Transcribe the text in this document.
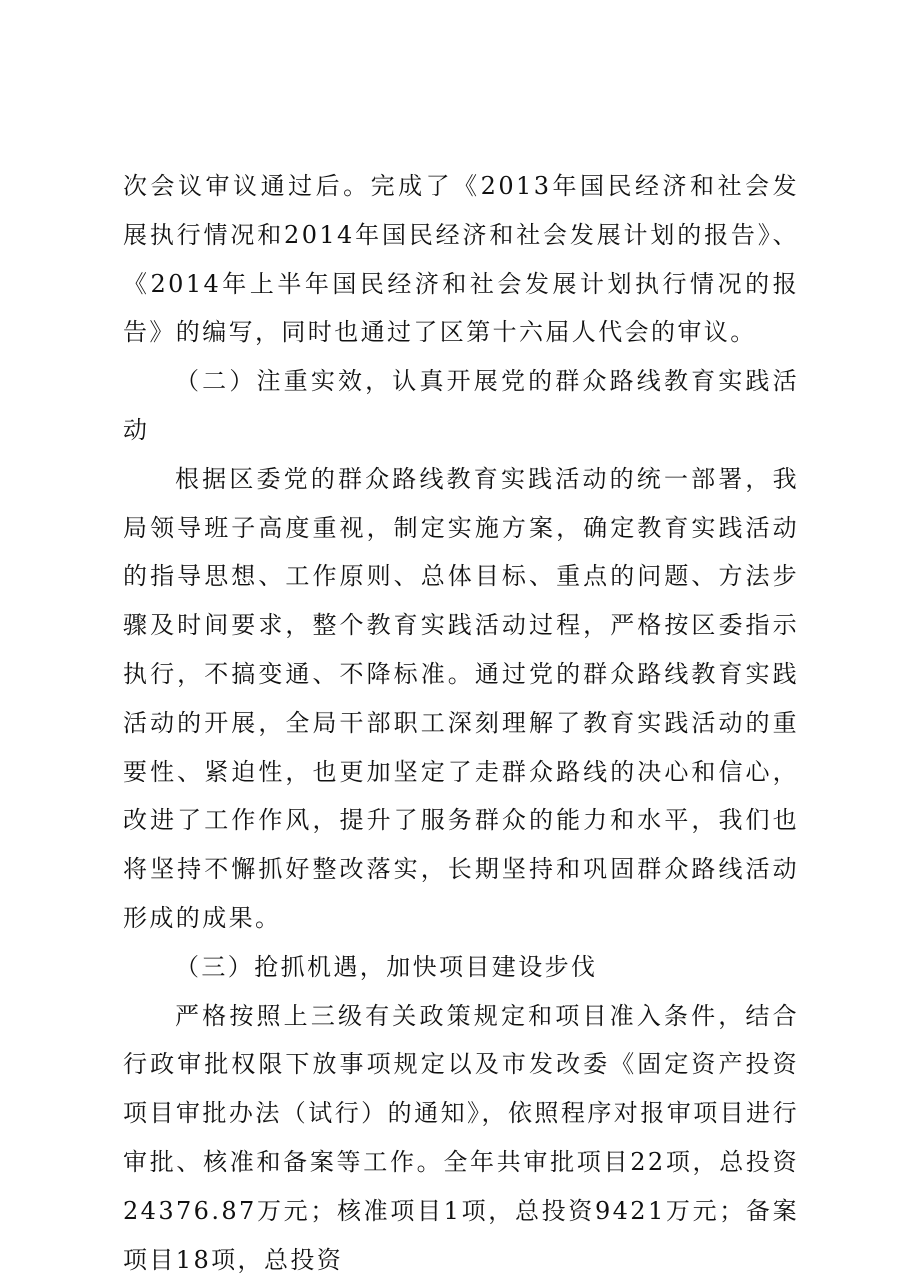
次会议审议通过后。完成了《2013年国民经济和社会发展执行情况和2014年国民经济和社会发展计划的报告》、《2014年上半年国民经济和社会发展计划执行情况的报告》的编写，同时也通过了区第十六届人代会的审议。

（二）注重实效，认真开展党的群众路线教育实践活动

根据区委党的群众路线教育实践活动的统一部署，我局领导班子高度重视，制定实施方案，确定教育实践活动的指导思想、工作原则、总体目标、重点的问题、方法步骤及时间要求，整个教育实践活动过程，严格按区委指示执行，不搞变通、不降标准。通过党的群众路线教育实践活动的开展，全局干部职工深刻理解了教育实践活动的重要性、紧迫性，也更加坚定了走群众路线的决心和信心，改进了工作作风，提升了服务群众的能力和水平，我们也将坚持不懈抓好整改落实，长期坚持和巩固群众路线活动形成的成果。

（三）抢抓机遇，加快项目建设步伐

严格按照上三级有关政策规定和项目准入条件，结合行政审批权限下放事项规定以及市发改委《固定资产投资项目审批办法（试行）的通知》，依照程序对报审项目进行审批、核准和备案等工作。全年共审批项目22项，总投资24376.87万元；核准项目1项，总投资9421万元；备案项目18项，总投资
